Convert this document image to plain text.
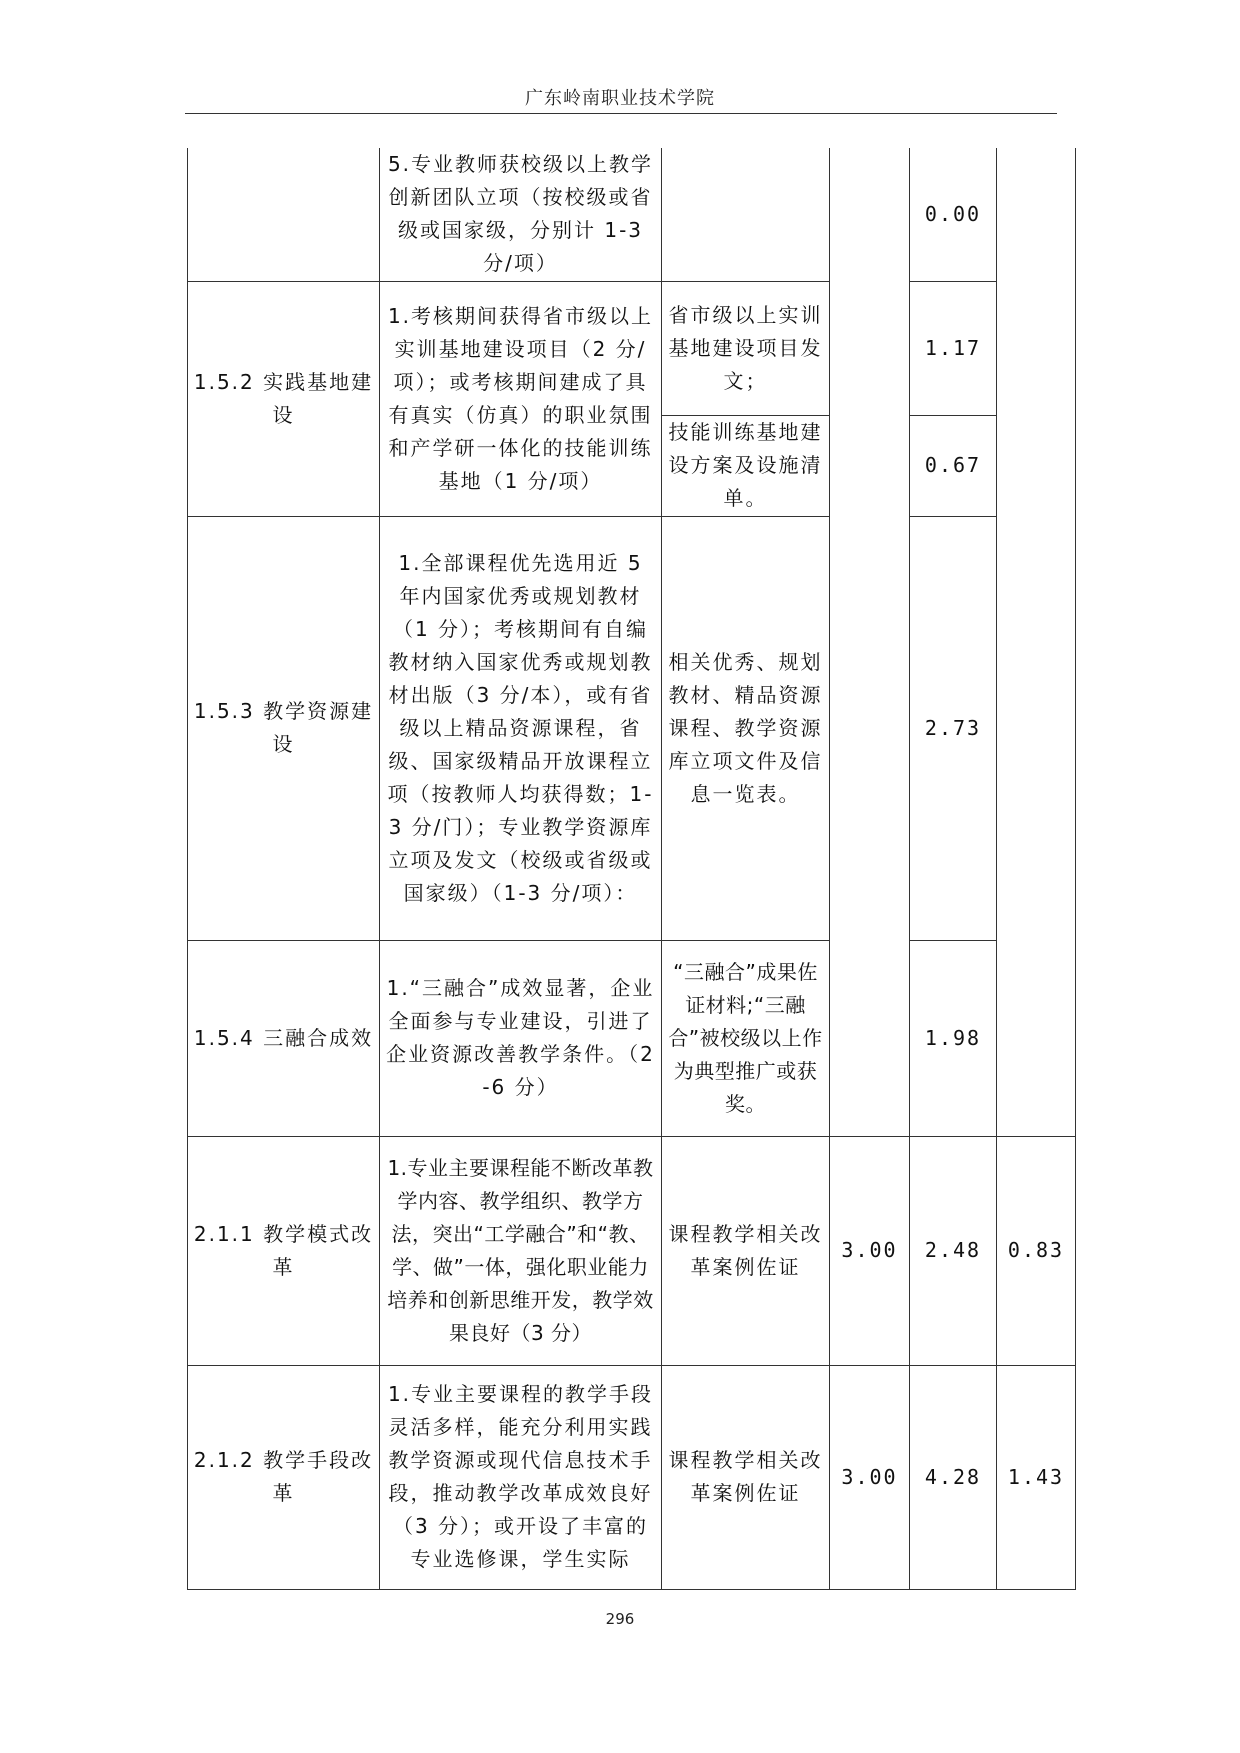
广东岭南职业技术学院
	5.专业教师获校级以上教学创新团队立项（按校级或省级或国家级，分别计 1-3 分/项）			0.00	
1.5.2 实践基地建设	1.考核期间获得省市级以上实训基地建设项目（2 分/项）；或考核期间建成了具有真实（仿真）的职业氛围和产学研一体化的技能训练基地（1 分/项）	省市级以上实训基地建设项目发文；		1.17	
		技能训练基地建设方案及设施清单。		0.67	
1.5.3 教学资源建设	1.全部课程优先选用近 5 年内国家优秀或规划教材（1 分）；考核期间有自编教材纳入国家优秀或规划教材出版（3 分/本），或有省级以上精品资源课程，省级、国家级精品开放课程立项（按教师人均获得数；1-3 分/门）；专业教学资源库立项及发文（校级或省级或国家级）（1-3 分/项）：	相关优秀、规划教材、精品资源课程、教学资源库立项文件及信息一览表。		2.73	
1.5.4 三融合成效	1.“三融合”成效显著，企业全面参与专业建设，引进了企业资源改善教学条件。（2-6 分）	“三融合”成果佐证材料;“三融合”被校级以上作为典型推广或获奖。		1.98	
2.1.1 教学模式改革	1.专业主要课程能不断改革教学内容、教学组织、教学方法，突出“工学融合”和“教、学、做”一体，强化职业能力培养和创新思维开发，教学效果良好（3 分）	课程教学相关改革案例佐证	3.00	2.48	0.83
2.1.2 教学手段改革	1.专业主要课程的教学手段灵活多样，能充分利用实践教学资源或现代信息技术手段，推动教学改革成效良好（3 分）；或开设了丰富的专业选修课，学生实际	课程教学相关改革案例佐证	3.00	4.28	1.43
296
